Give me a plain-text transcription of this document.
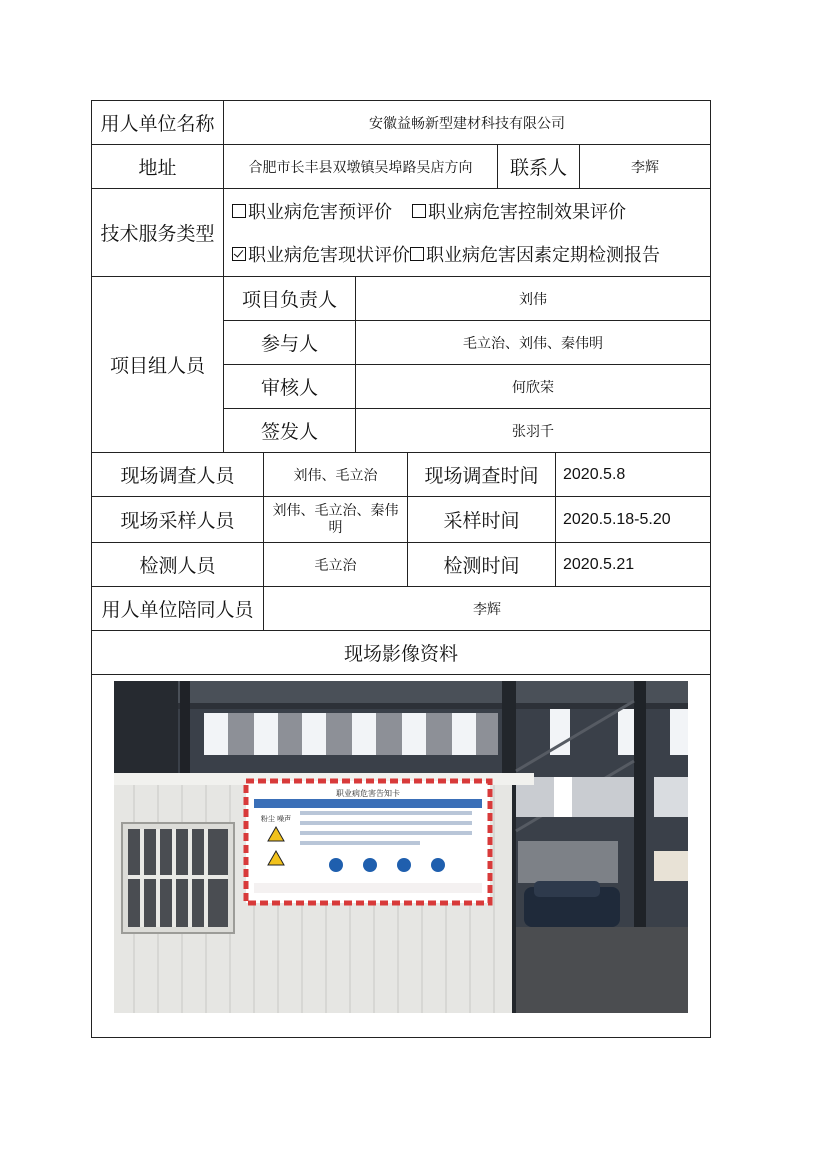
用人单位名称	安徽益畅新型建材科技有限公司					
地址	合肥市长丰县双墩镇吴埠路吴店方向				联系人 李辉	

技术服务类型	职业病危害预评价 职业病危害控制效果评价
职业病危害现状评价 职业病危害因素定期检测报告					

项目组人员	项目负责人		刘伟			
	参与人		毛立治、刘伟、秦伟明			
	审核人		何欣荣			
	签发人		张羽千			
现场调查人员		刘伟、毛立治		现场调查时间		2020.5.8
现场采样人员		刘伟、毛立治、秦伟明		采样时间		2020.5.18-5.20
检测人员		毛立治		检测时间		2020.5.21
用人单位陪同人员		李辉				
现场影像资料						

职业病危害告知卡
粉尘 噪声						
